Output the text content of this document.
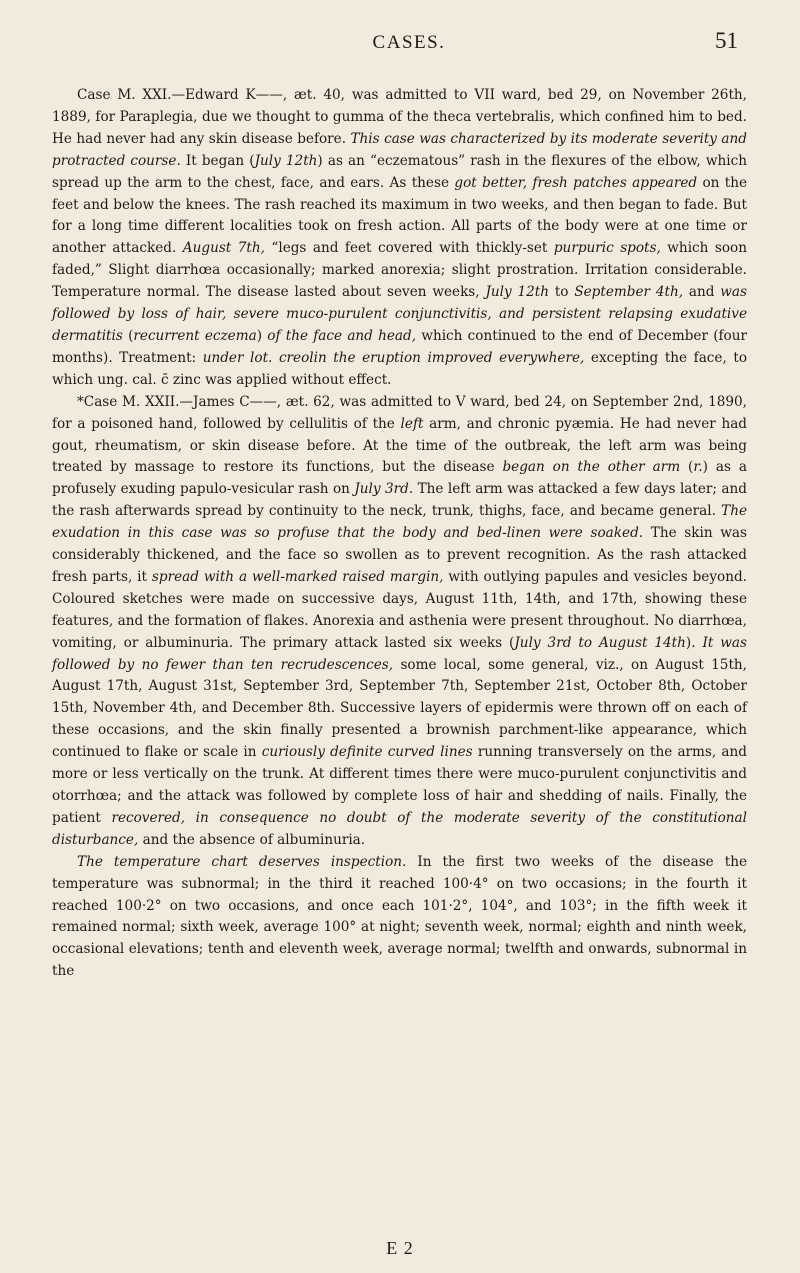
CASES.	51

Case M. XXI.—Edward K——, æt. 40, was admitted to VII ward, bed 29, on November 26th, 1889, for Paraplegia, due we thought to gumma of the theca vertebralis, which confined him to bed. He had never had any skin disease before. This case was characterized by its moderate severity and protracted course. It began (July 12th) as an “eczematous” rash in the flexures of the elbow, which spread up the arm to the chest, face, and ears. As these got better, fresh patches appeared on the feet and below the knees. The rash reached its maximum in two weeks, and then began to fade. But for a long time different localities took on fresh action. All parts of the body were at one time or another attacked. August 7th, “legs and feet covered with thickly-set purpuric spots, which soon faded,” Slight diarrhœa occasionally; marked anorexia; slight prostration. Irritation considerable. Temperature normal. The disease lasted about seven weeks, July 12th to September 4th, and was followed by loss of hair, severe muco-purulent conjunctivitis, and persistent relapsing exudative dermatitis (recurrent eczema) of the face and head, which continued to the end of December (four months). Treatment: under lot. creolin the eruption improved everywhere, excepting the face, to which ung. cal. c̄ zinc was applied without effect.

*Case M. XXII.—James C——, æt. 62, was admitted to V ward, bed 24, on September 2nd, 1890, for a poisoned hand, followed by cellulitis of the left arm, and chronic pyæmia. He had never had gout, rheumatism, or skin disease before. At the time of the outbreak, the left arm was being treated by massage to restore its functions, but the disease began on the other arm (r.) as a profusely exuding papulo-vesicular rash on July 3rd. The left arm was attacked a few days later; and the rash afterwards spread by continuity to the neck, trunk, thighs, face, and became general. The exudation in this case was so profuse that the body and bed-linen were soaked. The skin was considerably thickened, and the face so swollen as to prevent recognition. As the rash attacked fresh parts, it spread with a well-marked raised margin, with outlying papules and vesicles beyond. Coloured sketches were made on successive days, August 11th, 14th, and 17th, showing these features, and the formation of flakes. Anorexia and asthenia were present throughout. No diarrhœa, vomiting, or albuminuria. The primary attack lasted six weeks (July 3rd to August 14th). It was followed by no fewer than ten recrudescences, some local, some general, viz., on August 15th, August 17th, August 31st, September 3rd, September 7th, September 21st, October 8th, October 15th, November 4th, and December 8th. Successive layers of epidermis were thrown off on each of these occasions, and the skin finally presented a brownish parchment-like appearance, which continued to flake or scale in curiously definite curved lines running transversely on the arms, and more or less vertically on the trunk. At different times there were muco-purulent conjunctivitis and otorrhœa; and the attack was followed by complete loss of hair and shedding of nails. Finally, the patient recovered, in consequence no doubt of the moderate severity of the constitutional disturbance, and the absence of albuminuria.

The temperature chart deserves inspection. In the first two weeks of the disease the temperature was subnormal; in the third it reached 100·4° on two occasions; in the fourth it reached 100·2° on two occasions, and once each 101·2°, 104°, and 103°; in the fifth week it remained normal; sixth week, average 100° at night; seventh week, normal; eighth and ninth week, occasional elevations; tenth and eleventh week, average normal; twelfth and onwards, subnormal in the

E 2
